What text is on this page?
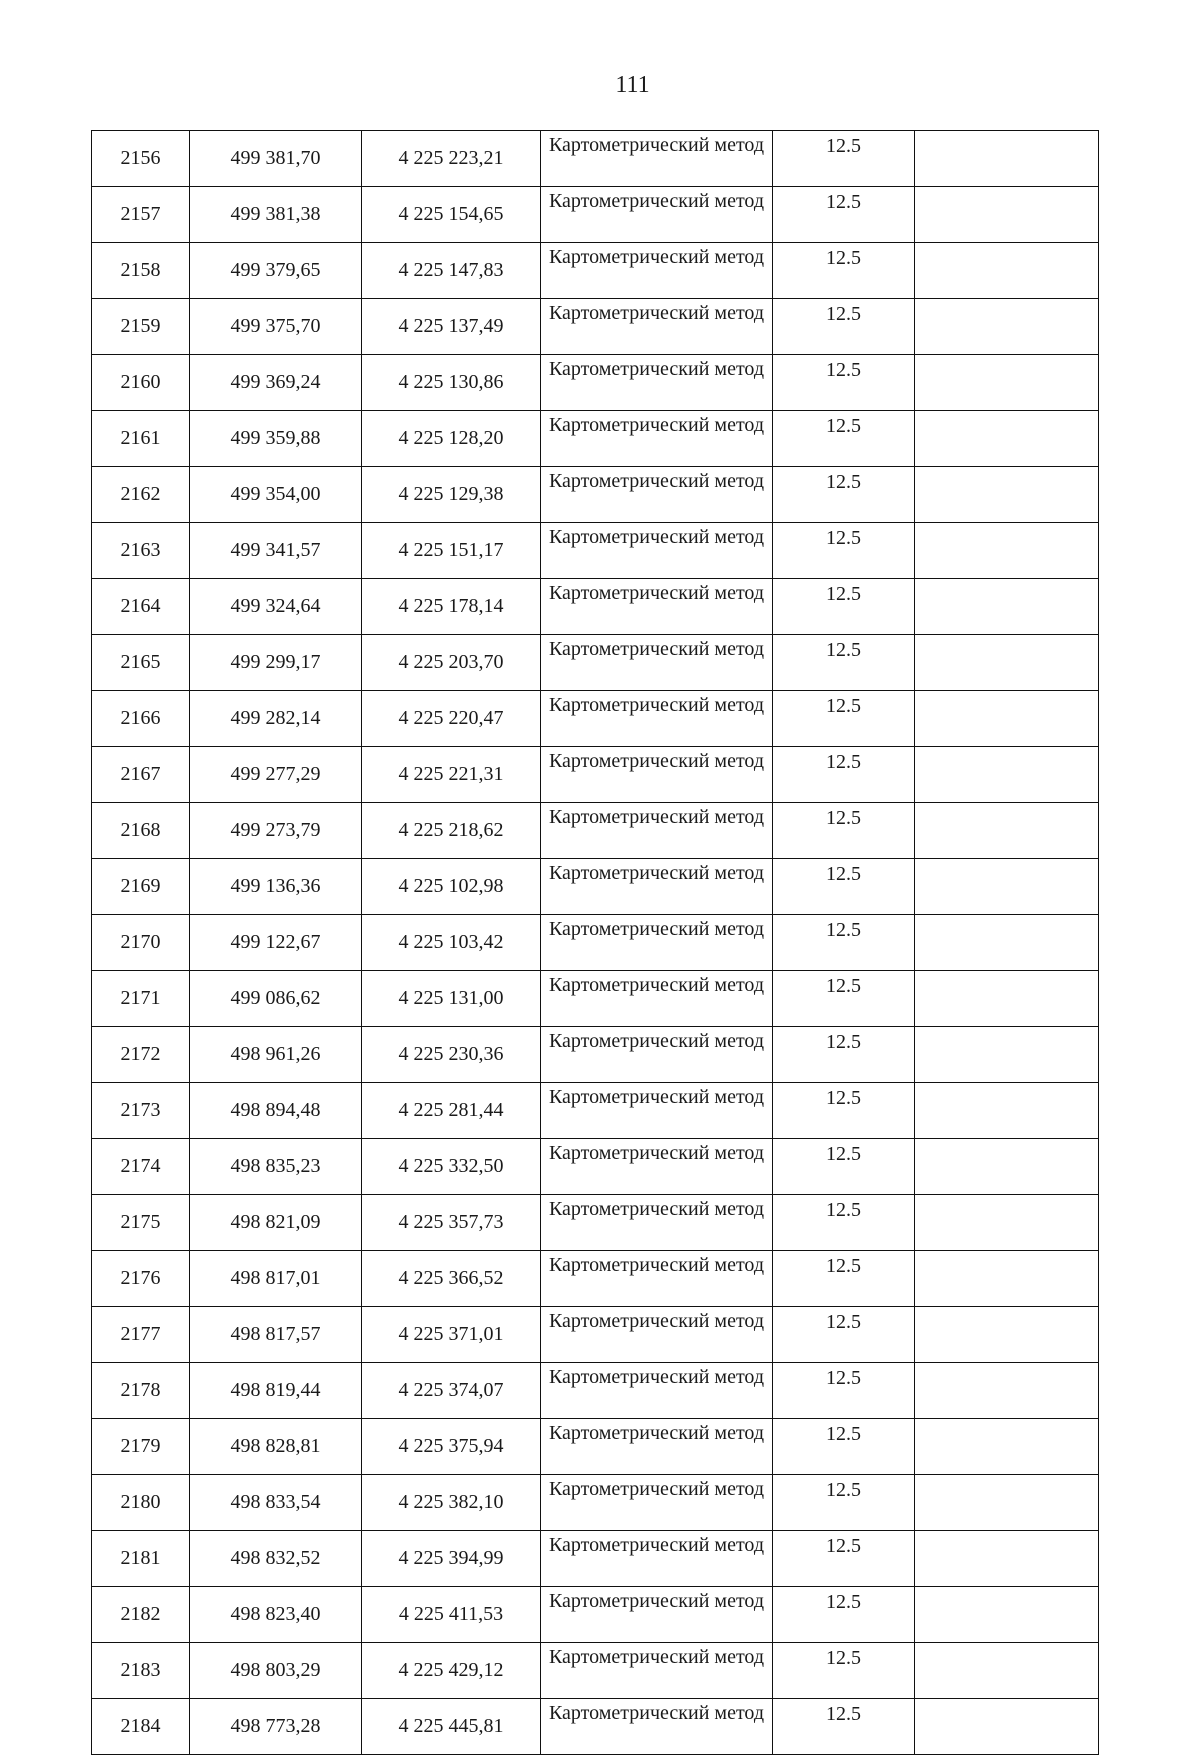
111
2156	499 381,70	4 225 223,21	Картометрический метод	12.5	
2157	499 381,38	4 225 154,65	Картометрический метод	12.5	
2158	499 379,65	4 225 147,83	Картометрический метод	12.5	
2159	499 375,70	4 225 137,49	Картометрический метод	12.5	
2160	499 369,24	4 225 130,86	Картометрический метод	12.5	
2161	499 359,88	4 225 128,20	Картометрический метод	12.5	
2162	499 354,00	4 225 129,38	Картометрический метод	12.5	
2163	499 341,57	4 225 151,17	Картометрический метод	12.5	
2164	499 324,64	4 225 178,14	Картометрический метод	12.5	
2165	499 299,17	4 225 203,70	Картометрический метод	12.5	
2166	499 282,14	4 225 220,47	Картометрический метод	12.5	
2167	499 277,29	4 225 221,31	Картометрический метод	12.5	
2168	499 273,79	4 225 218,62	Картометрический метод	12.5	
2169	499 136,36	4 225 102,98	Картометрический метод	12.5	
2170	499 122,67	4 225 103,42	Картометрический метод	12.5	
2171	499 086,62	4 225 131,00	Картометрический метод	12.5	
2172	498 961,26	4 225 230,36	Картометрический метод	12.5	
2173	498 894,48	4 225 281,44	Картометрический метод	12.5	
2174	498 835,23	4 225 332,50	Картометрический метод	12.5	
2175	498 821,09	4 225 357,73	Картометрический метод	12.5	
2176	498 817,01	4 225 366,52	Картометрический метод	12.5	
2177	498 817,57	4 225 371,01	Картометрический метод	12.5	
2178	498 819,44	4 225 374,07	Картометрический метод	12.5	
2179	498 828,81	4 225 375,94	Картометрический метод	12.5	
2180	498 833,54	4 225 382,10	Картометрический метод	12.5	
2181	498 832,52	4 225 394,99	Картометрический метод	12.5	
2182	498 823,40	4 225 411,53	Картометрический метод	12.5	
2183	498 803,29	4 225 429,12	Картометрический метод	12.5	
2184	498 773,28	4 225 445,81	Картометрический метод	12.5	
